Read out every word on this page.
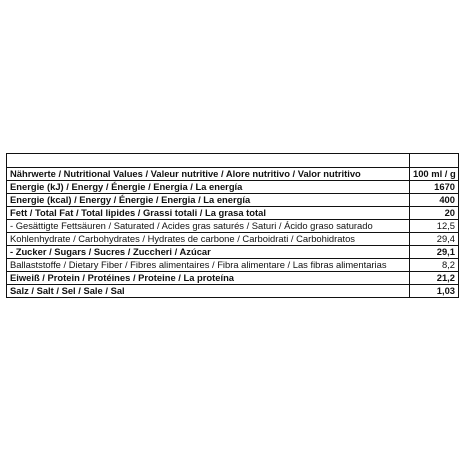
Nährwerte / Nutritional Values / Valeur nutritive / Alore nutritivo / Valor nutritivo	100 ml / g
Energie (kJ) / Energy / Énergie / Energia / La energía	1670
Energie (kcal) / Energy / Énergie / Energia / La energía	400
Fett / Total Fat / Total lipides / Grassi totali / La grasa total	20
- Gesättigte Fettsäuren / Saturated / Acides gras saturés / Saturi / Ácido graso saturado	12,5
Kohlenhydrate / Carbohydrates / Hydrates de carbone / Carboidrati / Carbohidratos	29,4
- Zucker / Sugars / Sucres / Zuccheri / Azúcar	29,1
Ballaststoffe / Dietary Fiber / Fibres alimentaires / Fibra alimentare / Las fibras alimentarias	8,2
Eiweiß / Protein / Protéines / Proteine / La proteína	21,2
Salz / Salt / Sel / Sale / Sal	1,03
